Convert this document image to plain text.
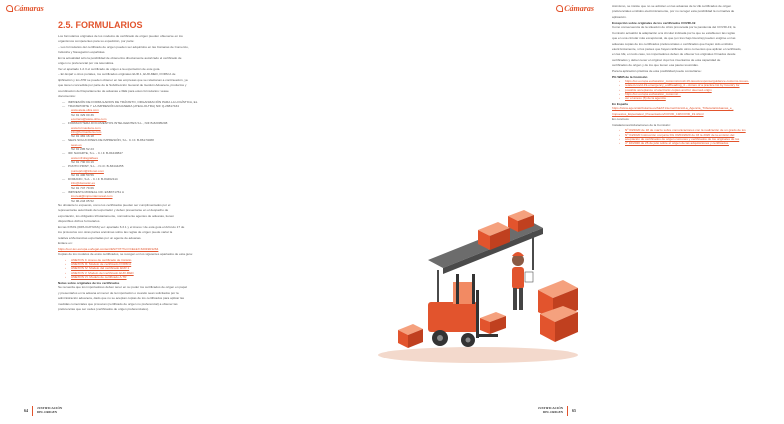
Cámaras
2.5. FORMULARIOS
Los formularios originales de los modelos de certificado de origen pueden obtenerse en los
organismos competentes para su expedición, por parte:
– Los formularios del certificado de origen pueden ser adquiridos en las Cámaras de Comercio,
Industria y Navegación españolas.
En la actualidad sólo la posibilidad de obtenerlos directamente autorizado el certificado de
origen no preferencial por vía telemática.
Ver el apartado 1.2.3 el certificado de origen a la exportación de este guía.
– En Expaf u otros portales, los certificados originales EUR.1, EUR-MED, FORM A de
tipificación y los ATR se pueden obtener en las empresas que se relacionan a continuación, ya
que tienen concedida por parte de la Subdirección General de Gestión Aduanera, productos y
coordinación del Departamento de aduanas e IIEE para estos formularios: véase
documentos:
— IMPRESIÓN DE FORMULARIOS DE TRÁNSITO, ORGANIZACIÓN PARA LA LOGÍSTICA, EL
— TRANSPORTE Y LA IMPRESIÓN ADUANERA (ATEIA-OLTRA) NIF Q-28817434
www.ateia-oltra.com
Tel 91 329 00 36
ecotrans@ateia-oltra.com
— FORMAXITERA DOCUMENTOS INTELIGENTES S.L., NIF B-82095208
www.formaxitera.com
info@formaxitera.com
Tel 91 481 16 18
— SEAS SOLUCIONES DE IMPRESIÓN, S.L. C.I.F. B-86174088
seas.es
Tel 91 295 52 23
— IDF NAVARTE, S.L. - C.I.F. B-84448847
www.infrofagrafiaes
Tel 91 730 04 19
— PUNTO PRINT, S.L. - N.I.F. B-83444255
puntoprint@infonet.com
Tel 91 400 50 56
— DOMANIC, S.A. - C.I.F. B-84462114
info@domanic.es
Tel 91 747 79 66
— IMPRENTA MOREAL CIF. ESB371761 A
imoreal@imprentamoreal.com
Tel 96.243 05 52
No obstante lo expuesto, como los certificados pueden ser cumplimentados por el
representante autorizado del exportador y deben presentarse en el despacho de
exportación, los obligados tributariamente, normalmente agentes de aduanas, tienen
disponibles dichos formularios.
En las INTAS (IDPLICATIVAS) ver: apartado 6.3.1 y el Anexo I de esta guía el Artículo 17 de
los protocolos con otras partes anónimas sobre las reglas de origen puede variar la
relativa a Mercancías exportadas por un agente de aduanas.
Enlace en:
https://eur-lex.europa.eu/legal-content/ES/TXT/?uri=CELEX:32019R1264
Copias de los modelos de estos certificados, se recogen en los siguientes apartados de esta guía:
› ANEXOS II. Anexo de certificado de tránsito
› ANEXOS III. Modelo de certificado FORM A
› ANEXOS IV. Modelo del certificado EUR.1
› ANEXOS V. Modelo del certificado EUR-MED
› ANEXOS VI. Modelo de certificado A.TR
Notas sobre originales de los certificados
Se recuerda que los importadores deben tener en su poder los certificados de origen en papel
y presentarlos en la aduana al menor de la importación o cuando sean solicitados por la
administración aduanera, dado que no se aceptan copias de los certificados para aplicar las
medidas comerciales que provocan (certificado de origen no preferencial) a obtener las
preferencias que ser cedes (certificados de origen preferenciales).
64	JUSTIFICACIÓN
DEL ORIGEN
Cámaras	Asimismo, se insiste que no se admiten en las aduanas de la UE certificados de origen
preferenciales emitidos electrónicamente, por no recoger esta posibilidad la normativa de
aplicación.
Excepción sobre originales de los certificados COVID-19
Como consecuencia de la situación de crisis provocada por la pandemia del COVID-19, la
Comisión actualizó la adaptación a la circular indicada por la que se establecen las reglas
que en una circular más excepcional, de que (en tres bajo licencia) pueden exigirse en las
aduanas copias de los certificados preferenciales o certificados que hayan sido emitidos
electrónicamente, si los países que hayan ratificado otros convenios que aplican el certificado,
en las UE, en todo caso, los importadores deben de obtener los originales firmados desde
certificados y deben tener el original. Aquí los inventarios de esta capacidad de
certificados de origen y de los que tienen esa pauta resumidas.
Para la aplicación práctica de esta posibilidad puede consultarse:
PG WEB de la Comisión
› https://ec.europa.eu/taxation_customs/covid-19-taxud-response/guidance-customs-issues-
› related-covid-19-emergency_en#heading_4 – Annex of a practice list by Country for
› possible acceptance of electronic-copies and for deemed-origin
› https://ec.europa.eu/taxation_customs/...
› ver el anexo (6) de la agencia
En España
https://www.agenciatributaria.es/AEAT.internet/Inicio/La_Agencia_Tributaria/Aduanas_e_
Impuestos_Especiales/_Presentacion/COVID_19/COVID_19.shtml
En concreto:
Instalaciones/Aclaraciones de la Comisión:
› Nº 03/2020 de 18 de marzo sobre comunicaciones con la realización de un grado de los
› Nº 04/2020 Instrucción conjunta DG 03/04/2020 de 03 la 2020 de la emisión del
› aceptación de certificados de origen comunes y certificados de los originales de los
› nº 10/2020 de 26 de julio sobre el origen de las adquisiciones y certificados.
65
JUSTIFICACIÓN
DEL ORIGEN
